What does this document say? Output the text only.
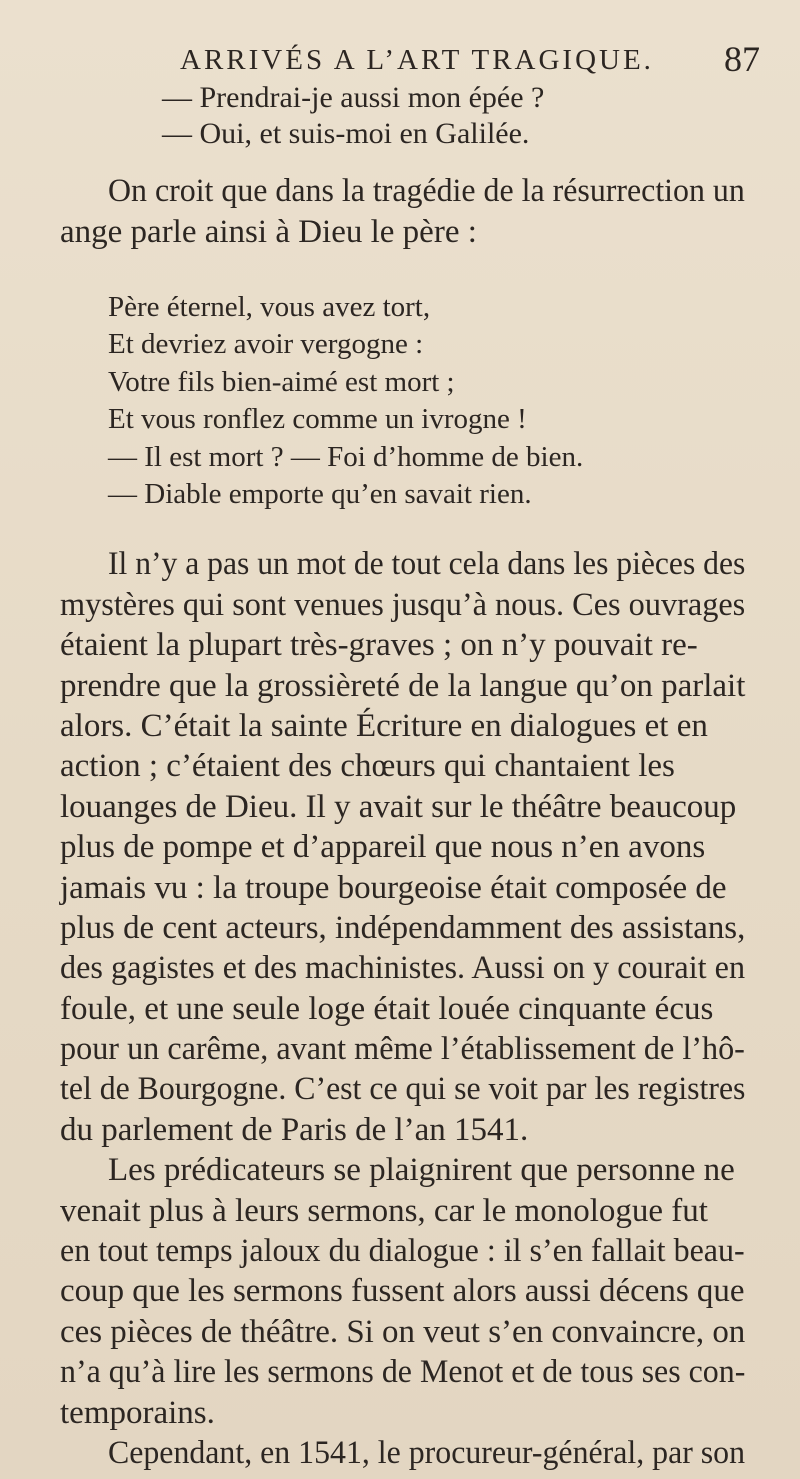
ARRIVÉS A L’ART TRAGIQUE. 87
— Prendrai-je aussi mon épée ?
— Oui, et suis-moi en Galilée.
On croit que dans la tragédie de la résurrection un
ange parle ainsi à Dieu le père :
Père éternel, vous avez tort,
Et devriez avoir vergogne :
Votre fils bien-aimé est mort ;
Et vous ronflez comme un ivrogne !
— Il est mort ? — Foi d’homme de bien.
— Diable emporte qu’en savait rien.
Il n’y a pas un mot de tout cela dans les pièces des
mystères qui sont venues jusqu’à nous. Ces ouvrages
étaient la plupart très-graves ; on n’y pouvait re-
prendre que la grossièreté de la langue qu’on parlait
alors. C’était la sainte Écriture en dialogues et en
action ; c’étaient des chœurs qui chantaient les
louanges de Dieu. Il y avait sur le théâtre beaucoup
plus de pompe et d’appareil que nous n’en avons
jamais vu : la troupe bourgeoise était composée de
plus de cent acteurs, indépendamment des assistans,
des gagistes et des machinistes. Aussi on y courait en
foule, et une seule loge était louée cinquante écus
pour un carême, avant même l’établissement de l’hô-
tel de Bourgogne. C’est ce qui se voit par les registres
du parlement de Paris de l’an 1541.
Les prédicateurs se plaignirent que personne ne
venait plus à leurs sermons, car le monologue fut
en tout temps jaloux du dialogue : il s’en fallait beau-
coup que les sermons fussent alors aussi décens que
ces pièces de théâtre. Si on veut s’en convaincre, on
n’a qu’à lire les sermons de Menot et de tous ses con-
temporains.
Cependant, en 1541, le procureur-général, par son
